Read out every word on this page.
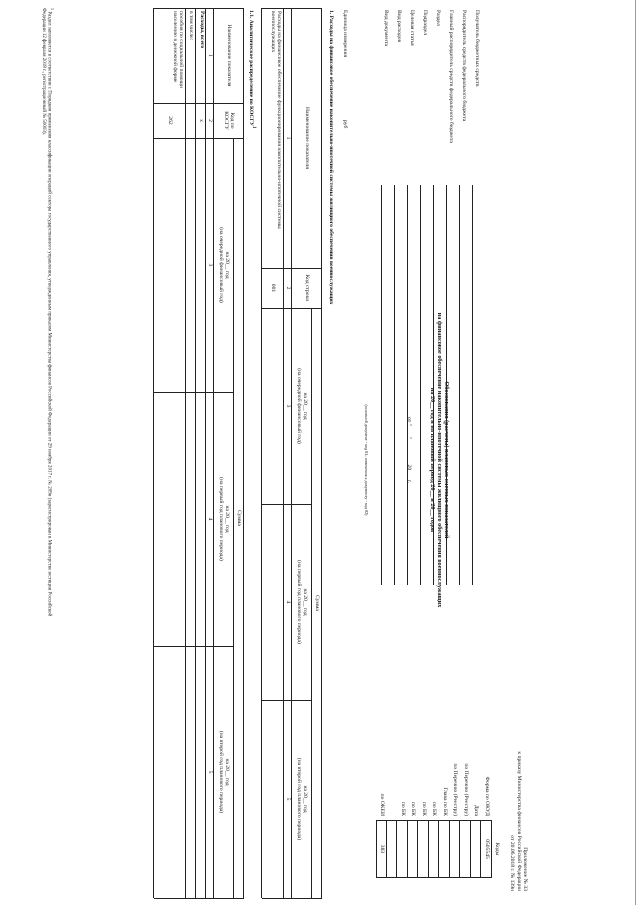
Приложение № 33
к приказу Министерства финансов Российской Федерации
от 20.06.2018 г. № 139н
Обоснования (расчеты) плановых сметных показателей
на финансовое обеспечение накопительно-ипотечной системы жилищного обеспечения военнослужащих
на 20__ год и на плановый период 20__ и 20__ годов
от " ___ " ________ 20___ г.
Коды
Форма по ОКУД
0505545
Дата
по Перечню (Реестру)
по Перечню (Реестру)
Глава по БК
по БК
по БК
по БК
по БК
по ОКЕИ
383
Получатель бюджетных средств
Распорядитель средств федерального бюджета
Главный распорядитель средств федерального бюджета
Раздел
Подраздел
Целевая статья
Вид расходов
Вид документа
(основной документ - код 01; изменения к документу - код 02)
Единица измерения
руб
1. Расходы на финансовое обеспечение накопительно-ипотечной системы жилищного обеспечения военнослужащих
Наименование показателя
Код строки
Сумма
на 20__ год
(на очередной финансовый год)
на 20__ год
(на первый год планового периода)
на 20__ год
(на второй год планового периода)
1
2
3
4
5
Расходы на финансовое обеспечение функционирования накопительно-ипотечной системы военнослужащих
001
1.1. Аналитическое распределение по КОСГУ$^1$
Наименование показателя
Код по КОСГУ
Сумма
на 20__ год
(на очередной финансовый год)
на 20__ год
(на первый год планового периода)
на 20__ год
(на второй год планового периода)
1
2
3
4
5
Расходы, всего
x
в том числе:
пособия по социальной помощи населению в денежной форме
262
$^1$ Раздел заполняется в соответствии с Порядком применения классификации операций сектора государственного управления, утвержденным приказом Министерства финансов Российской Федерации от 29 ноября 2017 г. № 209н (зарегистрирован в Министерстве юстиции Российской
Федерации 12 февраля 2018 г., регистрационный № 50003).
